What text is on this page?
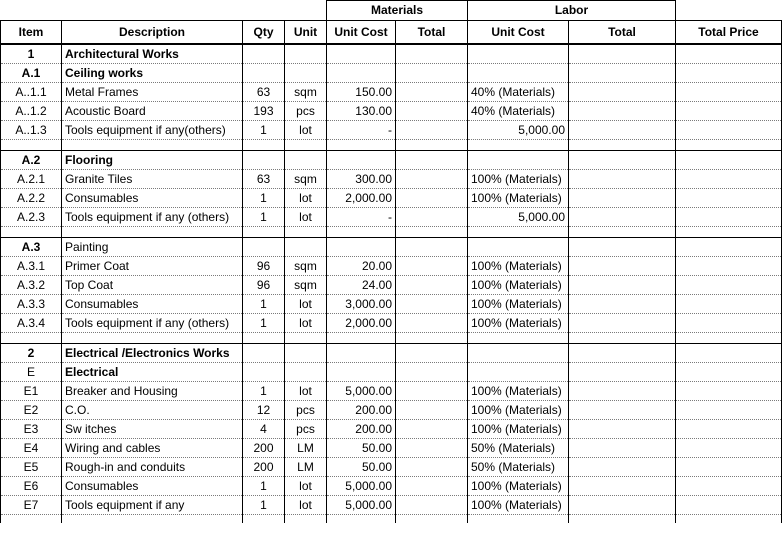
				Materials		Labor		
Item	Description	Qty	Unit	Unit Cost	Total	Unit Cost	Total	Total Price
1	Architectural Works							
A.1	Ceiling works							
A..1.1	Metal Frames	63	sqm	150.00		40% (Materials)		
A..1.2	Acoustic Board	193	pcs	130.00		40% (Materials)		
A..1.3	Tools equipment if any(others)	1	lot	-		5,000.00		

A.2	Flooring							
A.2.1	Granite Tiles	63	sqm	300.00		100% (Materials)		
A.2.2	Consumables	1	lot	2,000.00		100% (Materials)		
A.2.3	Tools equipment if any (others)	1	lot	-		5,000.00		

A.3	Painting							
A.3.1	Primer Coat	96	sqm	20.00		100% (Materials)		
A.3.2	Top Coat	96	sqm	24.00		100% (Materials)		
A.3.3	Consumables	1	lot	3,000.00		100% (Materials)		
A.3.4	Tools equipment if any (others)	1	lot	2,000.00		100% (Materials)		

2	Electrical /Electronics Works							
E	Electrical							
E1	Breaker and Housing	1	lot	5,000.00		100% (Materials)		
E2	C.O.	12	pcs	200.00		100% (Materials)		
E3	Sw itches	4	pcs	200.00		100% (Materials)		
E4	Wiring and cables	200	LM	50.00		50% (Materials)		
E5	Rough-in and conduits	200	LM	50.00		50% (Materials)		
E6	Consumables	1	lot	5,000.00		100% (Materials)		
E7	Tools equipment if any	1	lot	5,000.00		100% (Materials)		
